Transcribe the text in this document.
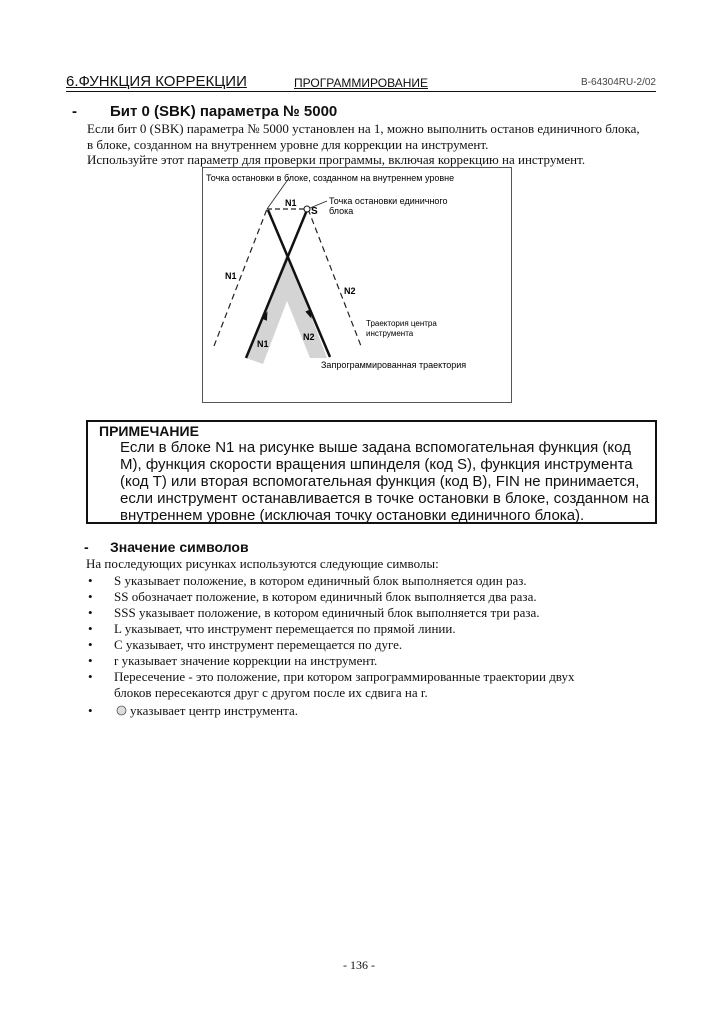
6.ФУНКЦИЯ КОРРЕКЦИИ	ПРОГРАММИРОВАНИЕ	B-64304RU-2/02
- Бит 0 (SBK) параметра № 5000
Если бит 0 (SBK) параметра № 5000 установлен на 1, можно выполнить останов единичного блока,
в блоке, созданном на внутреннем уровне для коррекции на инструмент.
Используйте этот параметр для проверки программы, включая коррекцию на инструмент.
Точка остановки в блоке, созданном на внутреннем уровне
Точка остановки единичного
блока
S
N1
N1
N2
N1
N2
Траектория центра
инструмента
Запрограммированная траектория
ПРИМЕЧАНИЕ
Если в блоке N1 на рисунке выше задана вспомогательная функция (код M), функция скорости вращения шпинделя (код S), функция инструмента (код T) или вторая вспомогательная функция (код B), FIN не принимается, если инструмент останавливается в точке остановки в блоке, созданном на внутреннем уровне (исключая точку остановки единичного блока).
- Значение символов
На последующих рисунках используются следующие символы:
• S указывает положение, в котором единичный блок выполняется один раз.
• SS обозначает положение, в котором единичный блок выполняется два раза.
• SSS указывает положение, в котором единичный блок выполняется три раза.
• L указывает, что инструмент перемещается по прямой линии.
• C указывает, что инструмент перемещается по дуге.
• r указывает значение коррекции на инструмент.
• Пересечение - это положение, при котором запрограммированные траектории двух
блоков пересекаются друг с другом после их сдвига на r.
•	указывает центр инструмента.
- 136 -
